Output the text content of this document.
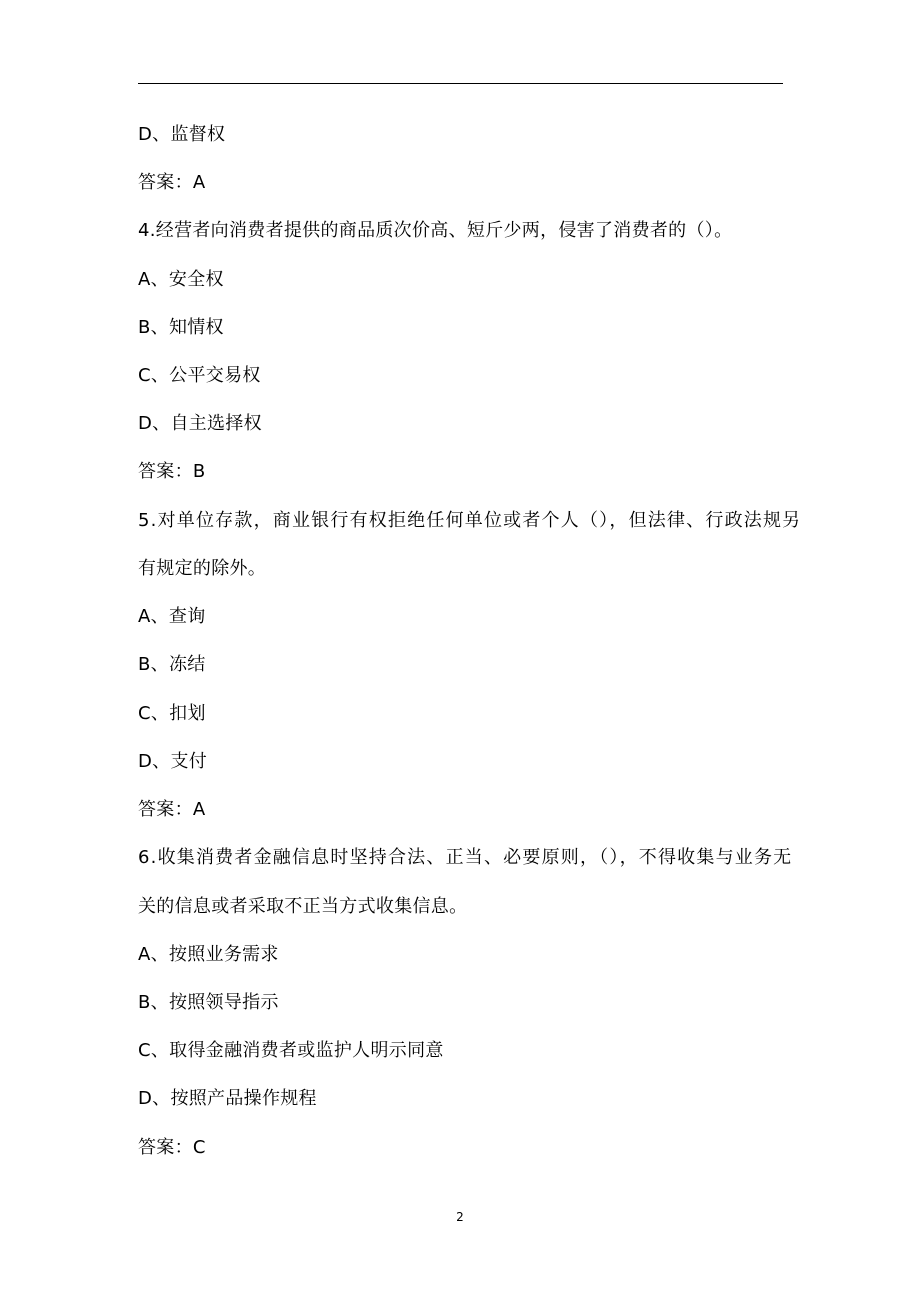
D、监督权
答案：A
4.经营者向消费者提供的商品质次价高、短斤少两，侵害了消费者的（）。
A、安全权
B、知情权
C、公平交易权
D、自主选择权
答案：B
5.对单位存款，商业银行有权拒绝任何单位或者个人（），但法律、行政法规另
有规定的除外。
A、查询
B、冻结
C、扣划
D、支付
答案：A
6.收集消费者金融信息时坚持合法、正当、必要原则，（），不得收集与业务无
关的信息或者采取不正当方式收集信息。
A、按照业务需求
B、按照领导指示
C、取得金融消费者或监护人明示同意
D、按照产品操作规程
答案：C
2
